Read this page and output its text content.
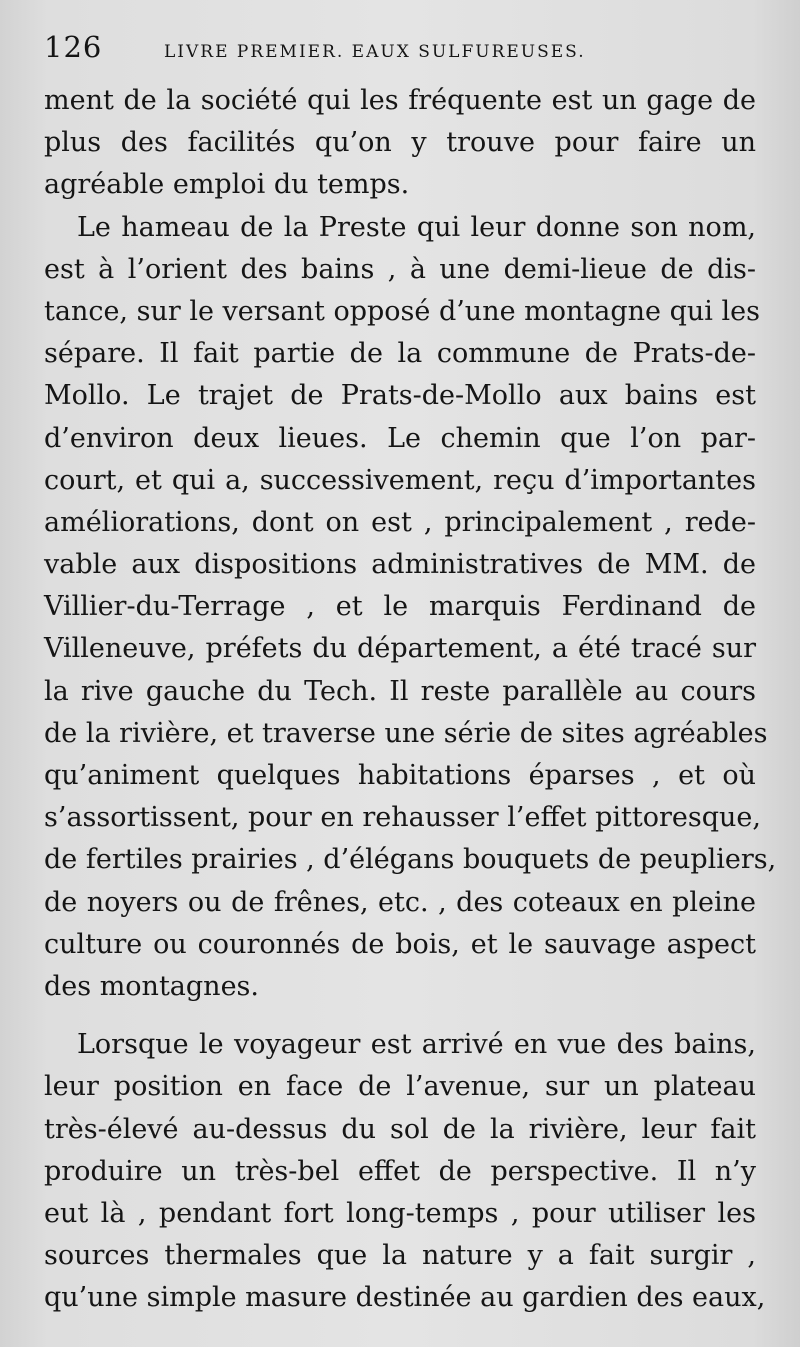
126	LIVRE PREMIER. EAUX SULFUREUSES.
ment de la société qui les fréquente est un gage de
plus des facilités qu’on y trouve pour faire un
agréable emploi du temps.
Le hameau de la Preste qui leur donne son nom,
est à l’orient des bains , à une demi-lieue de dis-
tance, sur le versant opposé d’une montagne qui les
sépare. Il fait partie de la commune de Prats-de-
Mollo. Le trajet de Prats-de-Mollo aux bains est
d’environ deux lieues. Le chemin que l’on par-
court, et qui a, successivement, reçu d’importantes
améliorations, dont on est , principalement , rede-
vable aux dispositions administratives de MM. de
Villier-du-Terrage , et le marquis Ferdinand de
Villeneuve, préfets du département, a été tracé sur
la rive gauche du Tech. Il reste parallèle au cours
de la rivière, et traverse une série de sites agréables
qu’animent quelques habitations éparses , et où
s’assortissent, pour en rehausser l’effet pittoresque,
de fertiles prairies , d’élégans bouquets de peupliers,
de noyers ou de frênes, etc. , des coteaux en pleine
culture ou couronnés de bois, et le sauvage aspect
des montagnes.
Lorsque le voyageur est arrivé en vue des bains,
leur position en face de l’avenue, sur un plateau
très-élevé au-dessus du sol de la rivière, leur fait
produire un très-bel effet de perspective. Il n’y
eut là , pendant fort long-temps , pour utiliser les
sources thermales que la nature y a fait surgir ,
qu’une simple masure destinée au gardien des eaux,
